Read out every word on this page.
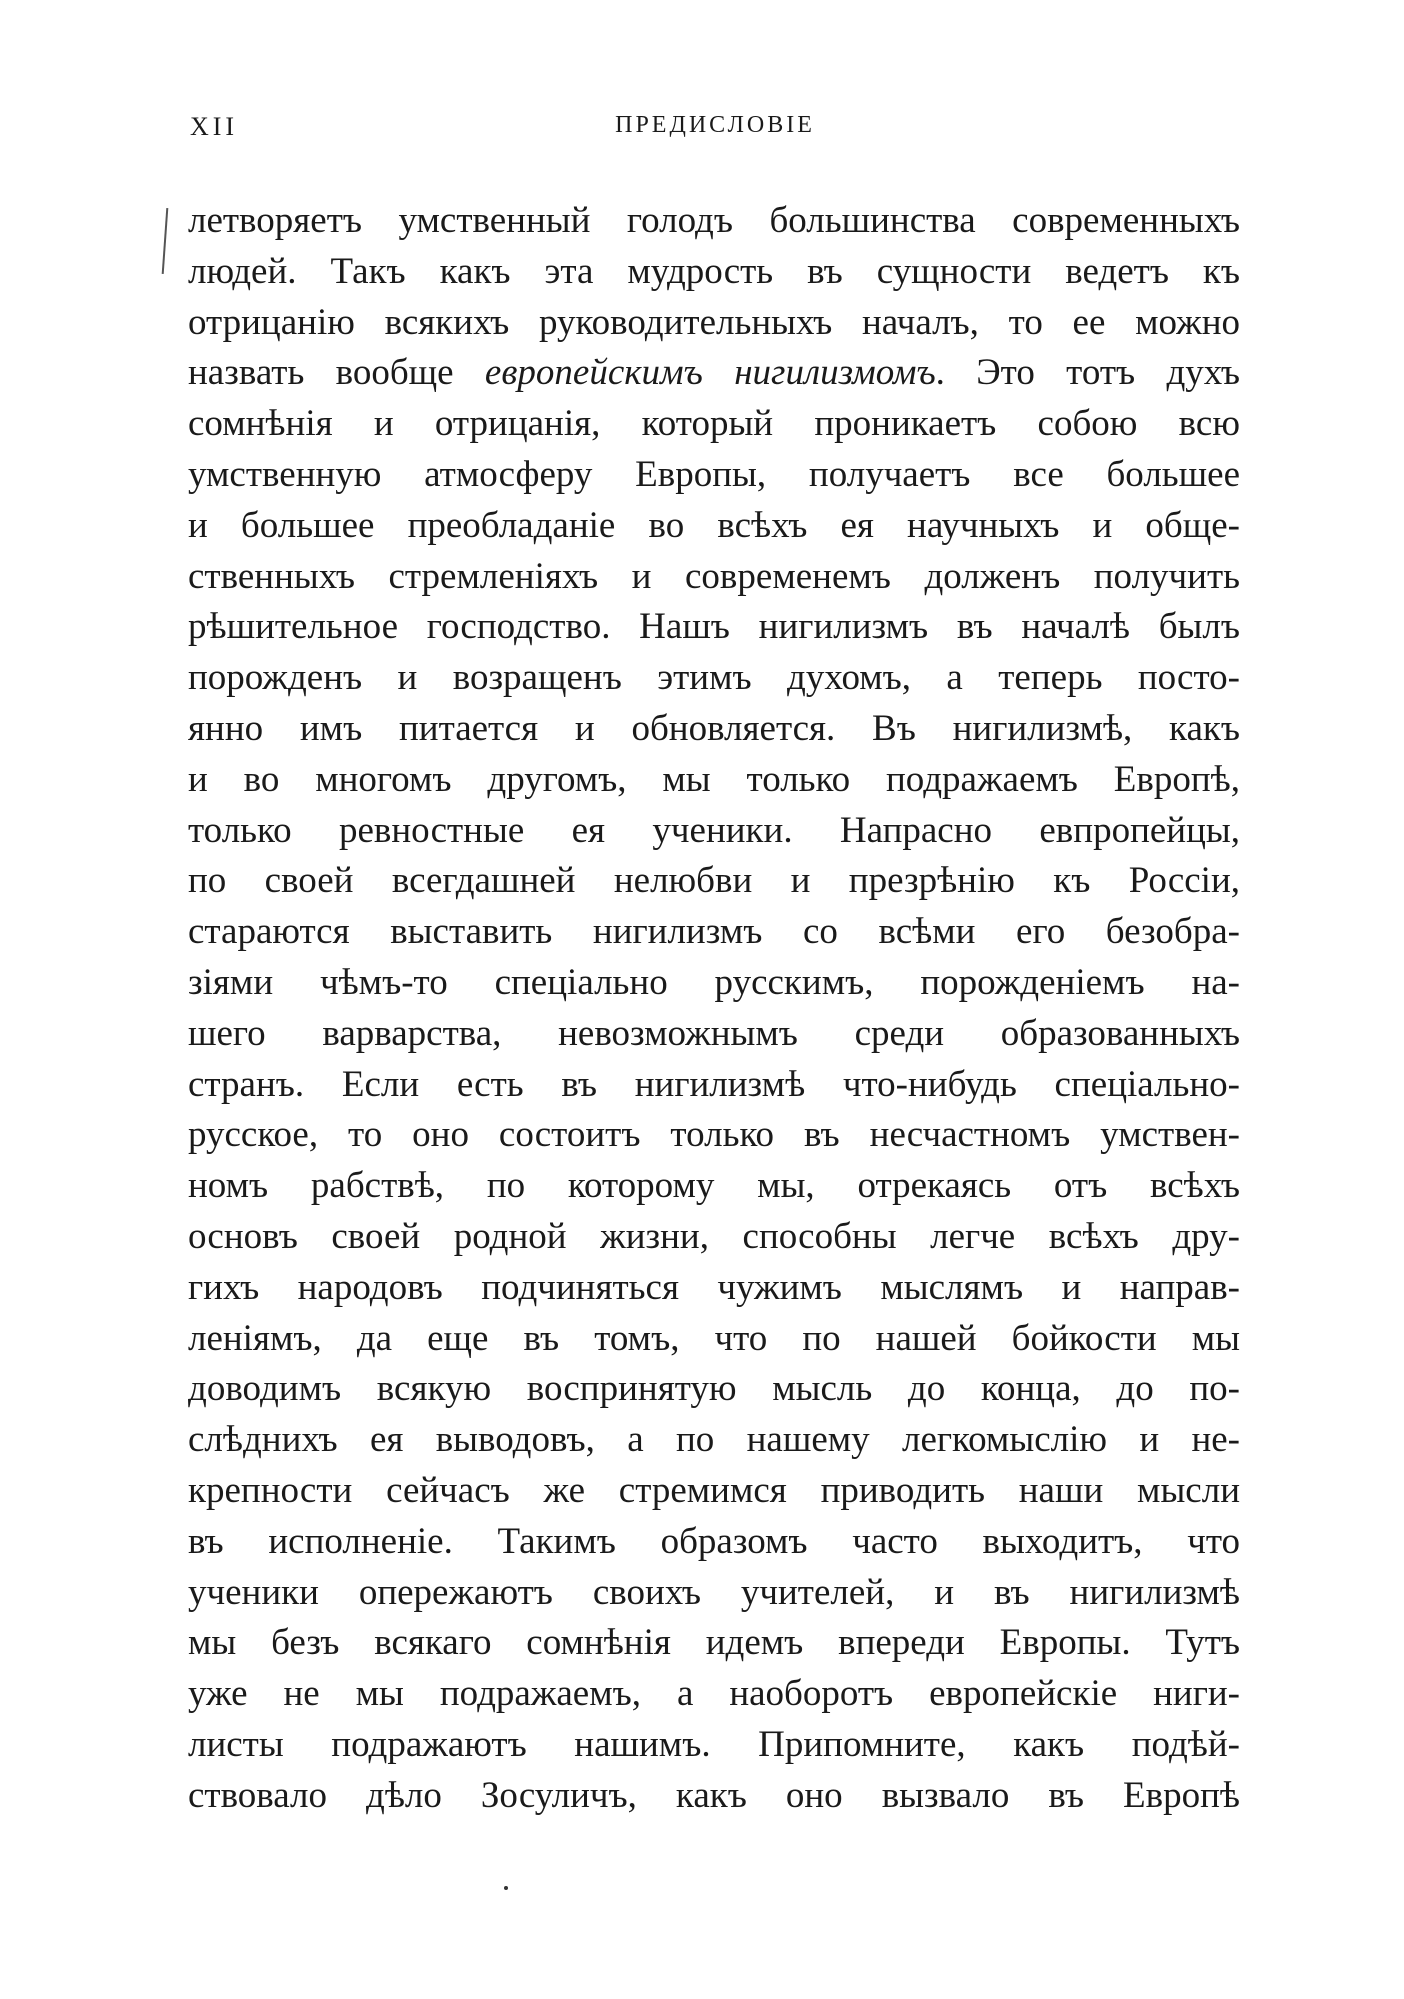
XII	ПРЕДИСЛОВІЕ
летворяетъ умственный голодъ большинства современныхъ
людей. Такъ какъ эта мудрость въ сущности ведетъ къ
отрицанію всякихъ руководительныхъ началъ, то ее можно
назвать вообще европейскимъ нигилизмомъ. Это тотъ духъ
сомнѣнія и отрицанія, который проникаетъ собою всю
умственную атмосферу Европы, получаетъ все большее
и большее преобладаніе во всѣхъ ея научныхъ и обще-
ственныхъ стремленіяхъ и современемъ долженъ получить
рѣшительное господство. Нашъ нигилизмъ въ началѣ былъ
порожденъ и возращенъ этимъ духомъ, а теперь посто-
янно имъ питается и обновляется. Въ нигилизмѣ, какъ
и во многомъ другомъ, мы только подражаемъ Европѣ,
только ревностные ея ученики. Напрасно евпропейцы,
по своей всегдашней нелюбви и презрѣнію къ Россіи,
стараются выставить нигилизмъ со всѣми его безобра-
зіями чѣмъ-то спеціально русскимъ, порожденіемъ на-
шего варварства, невозможнымъ среди образованныхъ
странъ. Если есть въ нигилизмѣ что-нибудь спеціально-
русское, то оно состоитъ только въ несчастномъ умствен-
номъ рабствѣ, по которому мы, отрекаясь отъ всѣхъ
основъ своей родной жизни, способны легче всѣхъ дру-
гихъ народовъ подчиняться чужимъ мыслямъ и направ-
леніямъ, да еще въ томъ, что по нашей бойкости мы
доводимъ всякую воспринятую мысль до конца, до по-
слѣднихъ ея выводовъ, а по нашему легкомыслію и не-
крепности сейчасъ же стремимся приводить наши мысли
въ исполненіе. Такимъ образомъ часто выходитъ, что
ученики опережаютъ своихъ учителей, и въ нигилизмѣ
мы безъ всякаго сомнѣнія идемъ впереди Европы. Тутъ
уже не мы подражаемъ, а наоборотъ европейскіе ниги-
листы подражаютъ нашимъ. Припомните, какъ подѣй-
ствовало дѣло Зосуличъ, какъ оно вызвало въ Европѣ
